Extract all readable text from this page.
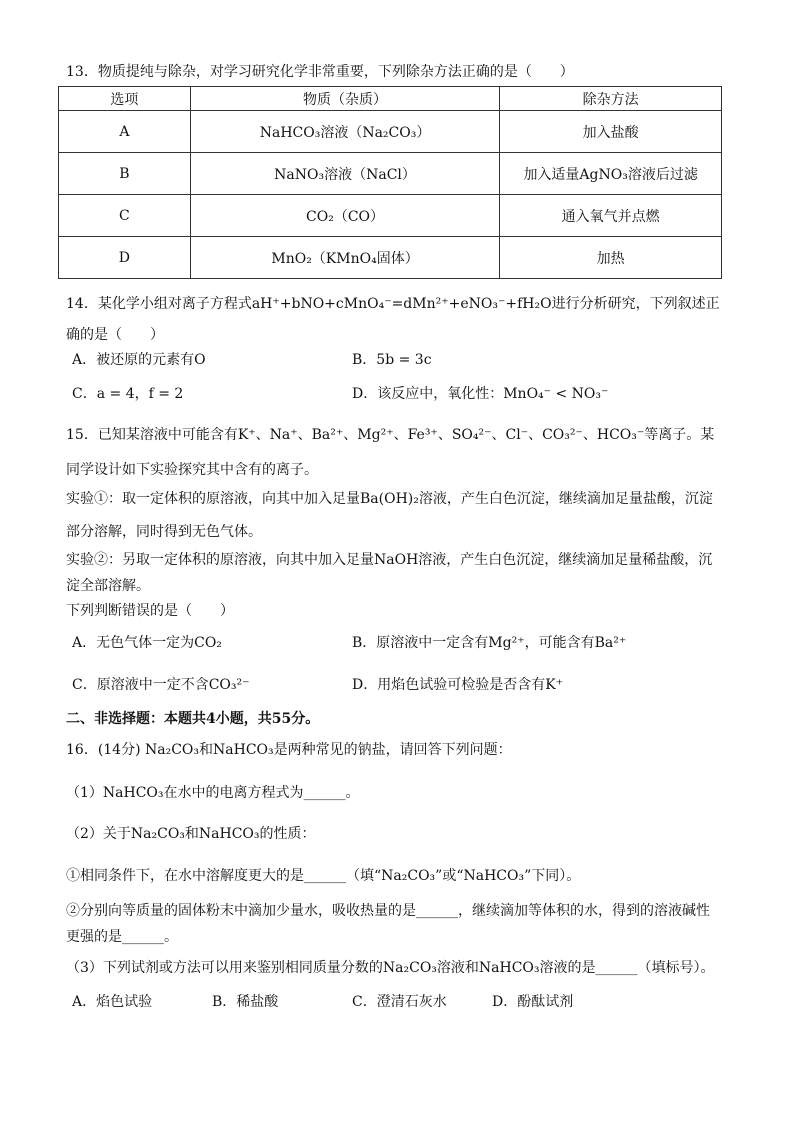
13．物质提纯与除杂，对学习研究化学非常重要，下列除杂方法正确的是（　　）
选项	物质（杂质）	除杂方法
A	NaHCO₃溶液（Na₂CO₃）	加入盐酸
B	NaNO₃溶液（NaCl）	加入适量AgNO₃溶液后过滤
C	CO₂（CO）	通入氧气并点燃
D	MnO₂（KMnO₄固体）	加热
14．某化学小组对离子方程式aH⁺+bNO+cMnO₄⁻=dMn²⁺+eNO₃⁻+fH₂O进行分析研究，下列叙述正
确的是（　　）
A．被还原的元素有O	B．5b = 3c
C．a = 4，f = 2	D．该反应中，氧化性：MnO₄⁻ < NO₃⁻
15．已知某溶液中可能含有K⁺、Na⁺、Ba²⁺、Mg²⁺、Fe³⁺、SO₄²⁻、Cl⁻、CO₃²⁻、HCO₃⁻等离子。某
同学设计如下实验探究其中含有的离子。
实验①：取一定体积的原溶液，向其中加入足量Ba(OH)₂溶液，产生白色沉淀，继续滴加足量盐酸，沉淀
部分溶解，同时得到无色气体。
实验②：另取一定体积的原溶液，向其中加入足量NaOH溶液，产生白色沉淀，继续滴加足量稀盐酸，沉
淀全部溶解。
下列判断错误的是（　　）
A．无色气体一定为CO₂	B．原溶液中一定含有Mg²⁺，可能含有Ba²⁺
C．原溶液中一定不含CO₃²⁻	D．用焰色试验可检验是否含有K⁺
二、非选择题：本题共4小题，共55分。
16．(14分) Na₂CO₃和NaHCO₃是两种常见的钠盐，请回答下列问题：
（1）NaHCO₃在水中的电离方程式为______。
（2）关于Na₂CO₃和NaHCO₃的性质：
①相同条件下，在水中溶解度更大的是______（填“Na₂CO₃”或“NaHCO₃”下同）。
②分别向等质量的固体粉末中滴加少量水，吸收热量的是______，继续滴加等体积的水，得到的溶液碱性
更强的是______。
（3）下列试剂或方法可以用来鉴别相同质量分数的Na₂CO₃溶液和NaHCO₃溶液的是______（填标号）。
A．焰色试验	B．稀盐酸	C．澄清石灰水	D．酚酞试剂
